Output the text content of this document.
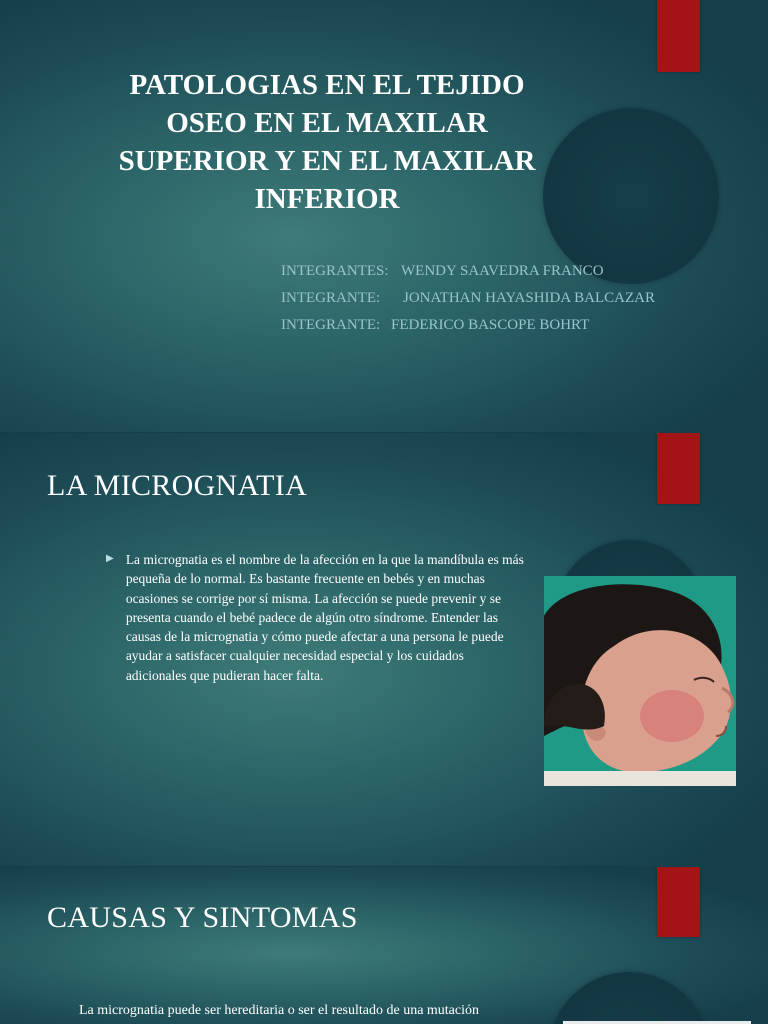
PATOLOGIAS EN EL TEJIDO OSEO EN EL MAXILAR SUPERIOR Y EN EL MAXILAR INFERIOR
INTEGRANTES: WENDY SAAVEDRA FRANCO
INTEGRANTE: JONATHAN HAYASHIDA BALCAZAR
INTEGRANTE: FEDERICO BASCOPE BOHRT
LA MICROGNATIA
▶ La micrognatia es el nombre de la afección en la que la mandíbula es más pequeña de lo normal. Es bastante frecuente en bebés y en muchas ocasiones se corrige por sí misma. La afección se puede prevenir y se presenta cuando el bebé padece de algún otro síndrome. Entender las causas de la micrognatia y cómo puede afectar a una persona le puede ayudar a satisfacer cualquier necesidad especial y los cuidados adicionales que pudieran hacer falta.
CAUSAS Y SINTOMAS
La micrognatia puede ser hereditaria o ser el resultado de una mutación
